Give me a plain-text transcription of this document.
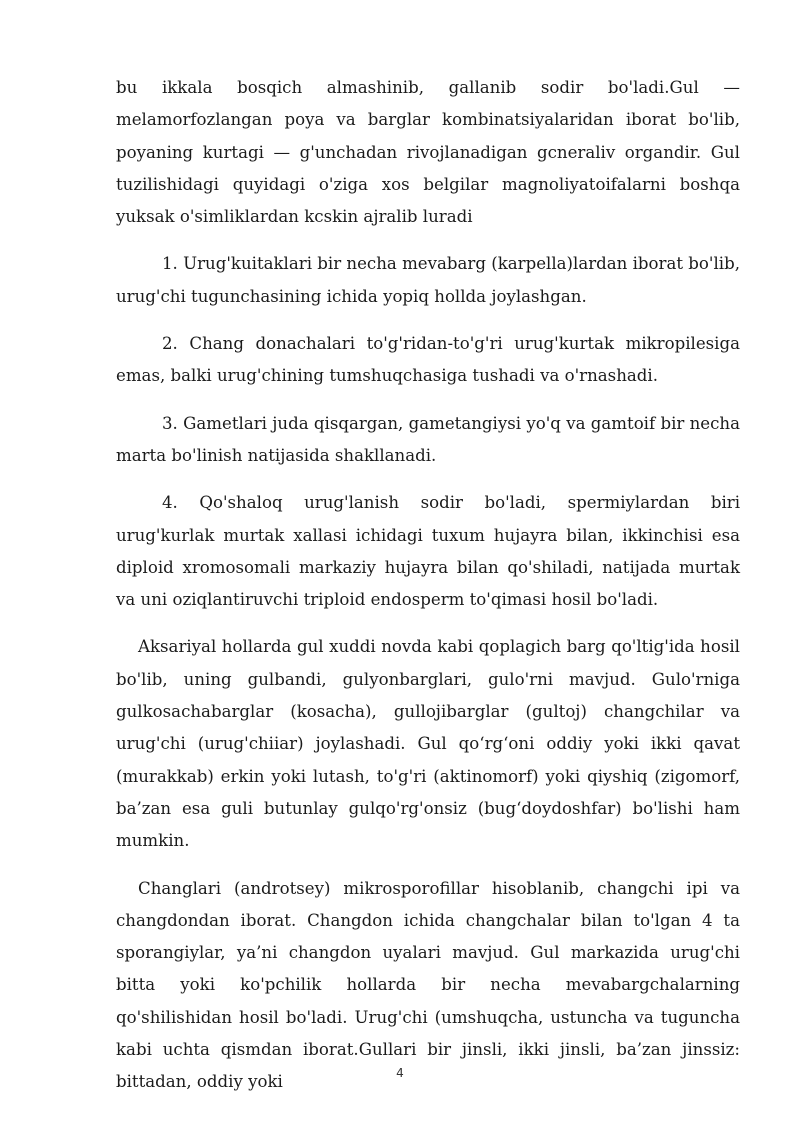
bu ikkala bosqich almashinib, gallanib sodir bo'ladi.Gul — melamorfozlangan poya va barglar kombinatsiyalaridan iborat bo'lib, poyaning kurtagi — g'unchadan rivojlanadigan gcneraliv organdir. Gul tuzilishidagi quyidagi o'ziga xos belgilar magnoliyatoifalarni boshqa yuksak o'simliklardan kcskin ajralib luradi

1. Urug'kuitaklari bir necha mevabarg (karpella)lardan iborat bo'lib, urug'chi tugunchasining ichida yopiq hollda joylashgan.

2. Chang donachalari to'g'ridan-to'g'ri urug'kurtak mikropilesiga emas, balki urug'chining tumshuqchasiga tushadi va o'rnashadi.

3. Gametlari juda qisqargan, gametangiysi yo'q va gamtoif bir necha marta bo'linish natijasida shakllanadi.

4. Qo'shaloq urug'lanish sodir bo'ladi, spermiylardan biri urug'kurlak murtak xallasi ichidagi tuxum hujayra bilan, ikkinchisi esa diploid xromosomali markaziy hujayra bilan qo'shiladi, natijada murtak va uni oziqlantiruvchi triploid endosperm to'qimasi hosil bo'ladi.

Aksariyal hollarda gul xuddi novda kabi qoplagich barg qo'ltig'ida hosil bo'lib, uning gulbandi, gulyonbarglari, gulo'rni mavjud. Gulo'rniga gulkosachabarglar (kosacha), gullojibarglar (gultoj) changchilar va urug'chi (urug'chiiar) joylashadi. Gul qo‘rg‘oni oddiy yoki ikki qavat (murakkab) erkin yoki lutash, to'g'ri (aktinomorf) yoki qiyshiq (zigomorf, ba’zan esa guli butunlay gulqo'rg'onsiz (bug‘doydoshfar) bo'lishi ham mumkin.

Changlari (androtsey) mikrosporofillar hisoblanib, changchi ipi va changdondan iborat. Changdon ichida changchalar bilan to'lgan 4 ta sporangiylar, ya’ni changdon uyalari mavjud. Gul markazida urug'chi bitta yoki ko'pchilik hollarda bir necha mevabargchalarning qo'shilishidan hosil bo'ladi. Urug'chi (umshuqcha, ustuncha va tuguncha kabi uchta qismdan iborat.Gullari bir jinsli, ikki jinsli, ba’zan jinssiz: bittadan, oddiy yoki	4
